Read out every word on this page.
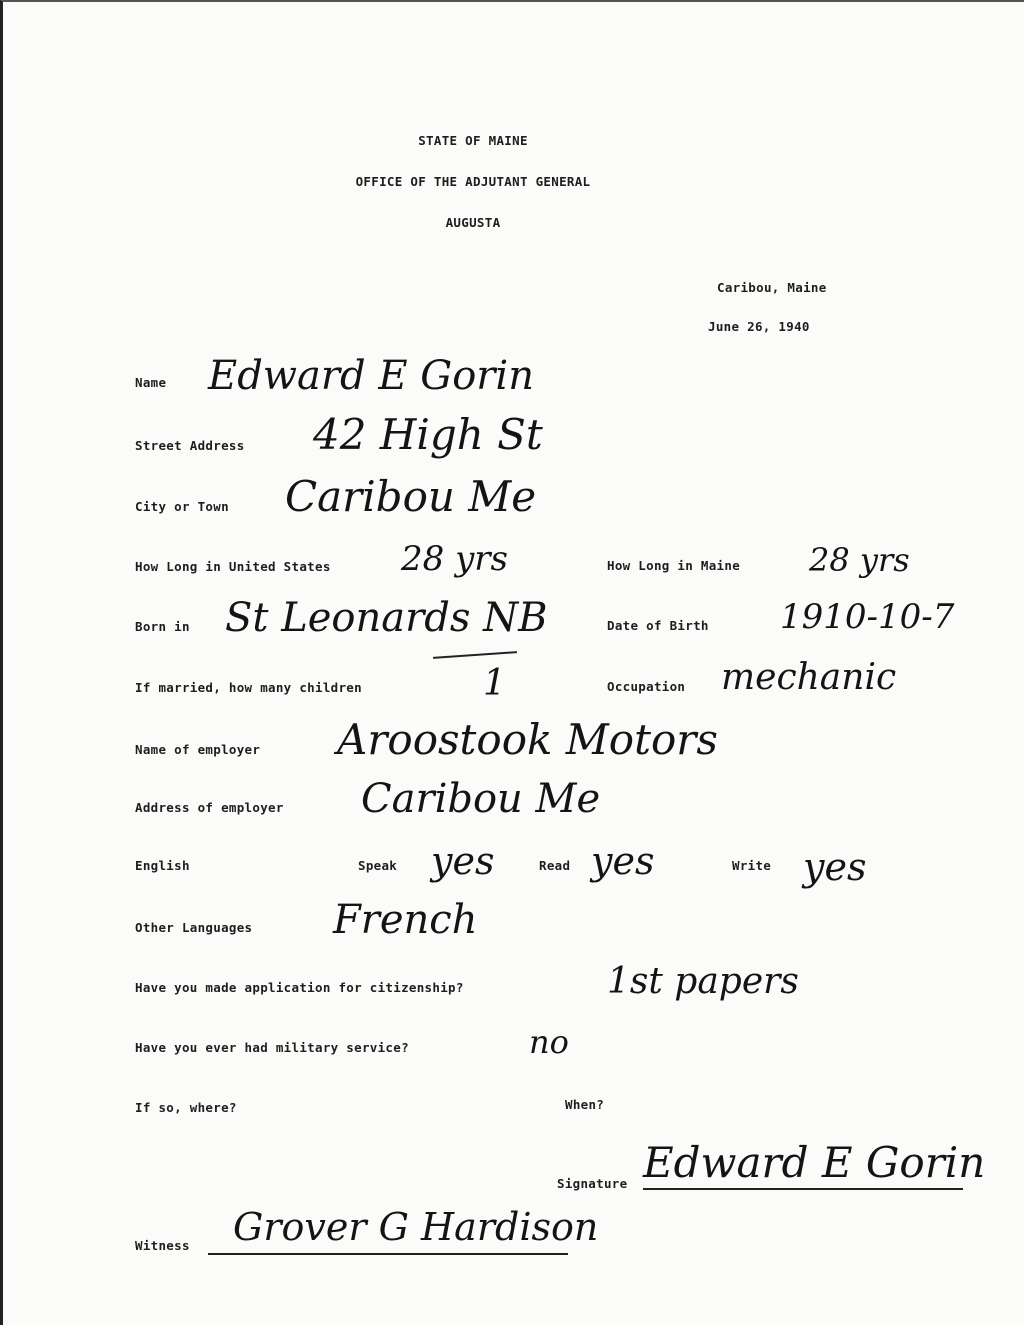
STATE OF MAINE
OFFICE OF THE ADJUTANT GENERAL
AUGUSTA
Caribou, Maine
June 26, 1940
Name Edward E Gorin
Street Address 42 High St
City or Town Caribou Me
How Long in United States 28 yrs	How Long in Maine 28 yrs
Born in St Leonards NB	Date of Birth 1910-10-7
If married, how many children	1	Occupation mechanic
Name of employer Aroostook Motors
Address of employer Caribou Me
English	Speak yes	Read yes	Write yes
Other Languages French
Have you made application for citizenship?	1st papers
Have you ever had military service?	no
If so, where?	When?
Signature Edward E Gorin
Witness Grover G Hardison
